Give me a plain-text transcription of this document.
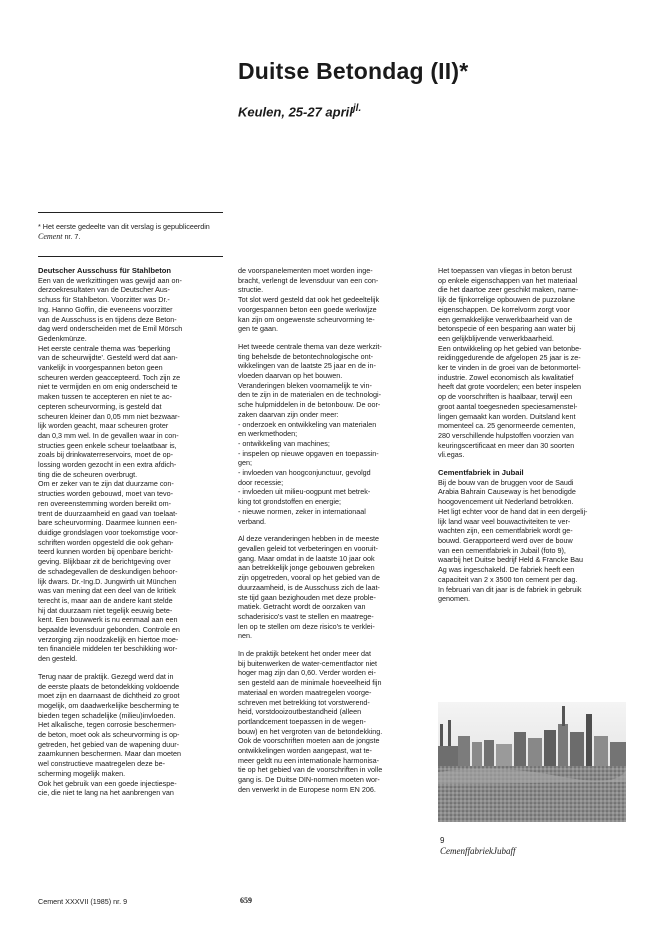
Duitse Betondag (II)*
Keulen, 25-27 april$^{jl.}$
* Het eerste gedeelte van dit verslag is gepubliceerdin Cement nr. 7.
Deutscher Ausschuss für Stahlbeton
Een van de werkzittingen was gewijd aan on-
derzoekresultaten van de Deutscher Aus-
schuss für Stahlbeton. Voorzitter was Dr.-
Ing. Hanno Goffin, die eveneens voorzitter
van de Ausschuss is en tijdens deze Beton-
dag werd onderscheiden met de Emil Mörsch
Gedenkmünze.
Het eerste centrale thema was 'beperking
van de scheurwijdte'. Gesteld werd dat aan-
vankelijk in voorgespannen beton geen
scheuren werden geaccepteerd. Toch zijn ze
niet te vermijden en om enig onderscheid te
maken tussen te accepteren en niet te ac-
cepteren scheurvorming, is gesteld dat
scheuren kleiner dan 0,05 mm niet bezwaar-
lijk worden geacht, maar scheuren groter
dan 0,3 mm wel. In de gevallen waar in con-
structies geen enkele scheur toelaatbaar is,
zoals bij drinkwaterreservoirs, moet de op-
lossing worden gezocht in een extra afdich-
ting die de scheuren overbrugt.
Om er zeker van te zijn dat duurzame con-
structies worden gebouwd, moet van tevo-
ren overeenstemming worden bereikt om-
trent de duurzaamheid en gaad van toelaat-
bare scheurvorming. Daarmee kunnen een-
duidige grondslagen voor toekomstige voor-
schriften worden opgesteld die ook gehan-
teerd kunnen worden bij openbare bericht-
geving. Blijkbaar zit de berichtgeving over
de schadegevallen de deskundigen behoor-
lijk dwars. Dr.-Ing.D. Jungwirth uit München
was van mening dat een deel van de kritiek
terecht is, maar aan de andere kant stelde
hij dat duurzaam niet tegelijk eeuwig bete-
kent. Een bouwwerk is nu eenmaal aan een
bepaalde levensduur gebonden. Controle en
verzorging zijn noodzakelijk en hiertoe moe-
ten financiële middelen ter beschikking wor-
den gesteld.
Terug naar de praktijk. Gezegd werd dat in
de eerste plaats de betondekking voldoende
moet zijn en daarnaast de dichtheid zo groot
mogelijk, om daadwerkelijke bescherming te
bieden tegen schadelijke (milieu)invloeden.
Het alkalische, tegen corrosie beschermen-
de beton, moet ook als scheurvorming is op-
getreden, het gebied van de wapening duur-
zaamkunnen beschermen. Maar dan moeten
wel constructieve maatregelen deze be-
scherming mogelijk maken.
Ook het gebruik van een goede injectiespe-
cie, die niet te lang na het aanbrengen van
de voorspanelementen moet worden inge-
bracht, verlengt de levensduur van een con-
structie.
Tot slot werd gesteld dat ook het gedeeltelijk
voorgespannen beton een goede werkwijze
kan zijn om ongewenste scheurvorming te-
gen te gaan.
Het tweede centrale thema van deze werkzit-
ting behelsde de betontechnologische ont-
wikkelingen van de laatste 25 jaar en de in-
vloeden daarvan op het bouwen.
Veranderingen bleken voornamelijk te vin-
den te zijn in de materialen en de technologi-
sche hulpmiddelen in de betonbouw. De oor-
zaken daarvan zijn onder meer:
- onderzoek en ontwikkeling van materialen
en werkmethoden;
- ontwikkeling van machines;
- inspelen op nieuwe opgaven en toepassin-
gen;
- invloeden van hoogconjunctuur, gevolgd
door recessie;
- invloeden uit milieu-oogpunt met betrek-
king tot grondstoffen en energie;
- nieuwe normen, zeker in internationaal
verband.
Al deze veranderingen hebben in de meeste
gevallen geleid tot verbeteringen en vooruit-
gang. Maar omdat in de laatste 10 jaar ook
aan betrekkelijk jonge gebouwen gebreken
zijn opgetreden, vooral op het gebied van de
duurzaamheid, is de Ausschuss zich de laat-
ste tijd gaan bezighouden met deze proble-
matiek. Getracht wordt de oorzaken van
schaderisico's vast te stellen en maatrege-
len op te stellen om deze risico's te verklei-
nen.
In de praktijk betekent het onder meer dat
bij buitenwerken de water-cementfactor niet
hoger mag zijn dan 0,60. Verder worden ei-
sen gesteld aan de minimale hoeveelheid fijn
materiaal en worden maatregelen voorge-
schreven met betrekking tot vorstwerend-
heid, vorstdooizoutbestandheid (alleen
portlandcement toepassen in de wegen-
bouw) en het vergroten van de betondekking.
Ook de voorschriften moeten aan de jongste
ontwikkelingen worden aangepast, wat te-
meer geldt nu een internationale harmonisa-
tie op het gebied van de voorschriften in volle
gang is. De Duitse DIN-normen moeten wor-
den verwerkt in de Europese norm EN 206.
Het toepassen van vliegas in beton berust
op enkele eigenschappen van het materiaal
die het daartoe zeer geschikt maken, name-
lijk de fijnkorrelige opbouwen de puzzolane
eigenschappen. De korrelvorm zorgt voor
een gemakkelijke verwerkbaarheid van de
betonspecie of een besparing aan water bij
een gelijkblijvende verwerkbaarheid.
Een ontwikkeling op het gebied van betonbe-
reidinggedurende de afgelopen 25 jaar is ze-
ker te vinden in de groei van de betonmortel-
industrie. Zowel economisch als kwalitatief
heeft dat grote voordelen; een beter inspelen
op de voorschriften is haalbaar, terwijl een
groot aantal toegesneden speciesamenstel-
lingen gemaakt kan worden. Duitsland kent
momenteel ca. 25 genormeerde cementen,
280 verschillende hulpstoffen voorzien van
keuringscertificaat en meer dan 30 soorten
vli.egas.
Cementfabriek in Jubail
Bij de bouw van de bruggen voor de Saudi
Arabia Bahrain Causeway is het benodigde
hoogovencement uit Nederland betrokken.
Het ligt echter voor de hand dat in een dergelij-
lijk land waar veel bouwactiviteiten te ver-
wachten zijn, een cementfabriek wordt ge-
bouwd. Gerapporteerd werd over de bouw
van een cementfabriek in Jubail (foto 9),
waarbij het Duitse bedrijf Held & Francke Bau
Ag was ingeschakeld. De fabriek heeft een
capaciteit van 2 x 3500 ton cement per dag.
In februari van dit jaar is de fabriek in gebruik
genomen.
9
CemenffabriekJubaff
Cement XXXVII (1985) nr. 9	659
